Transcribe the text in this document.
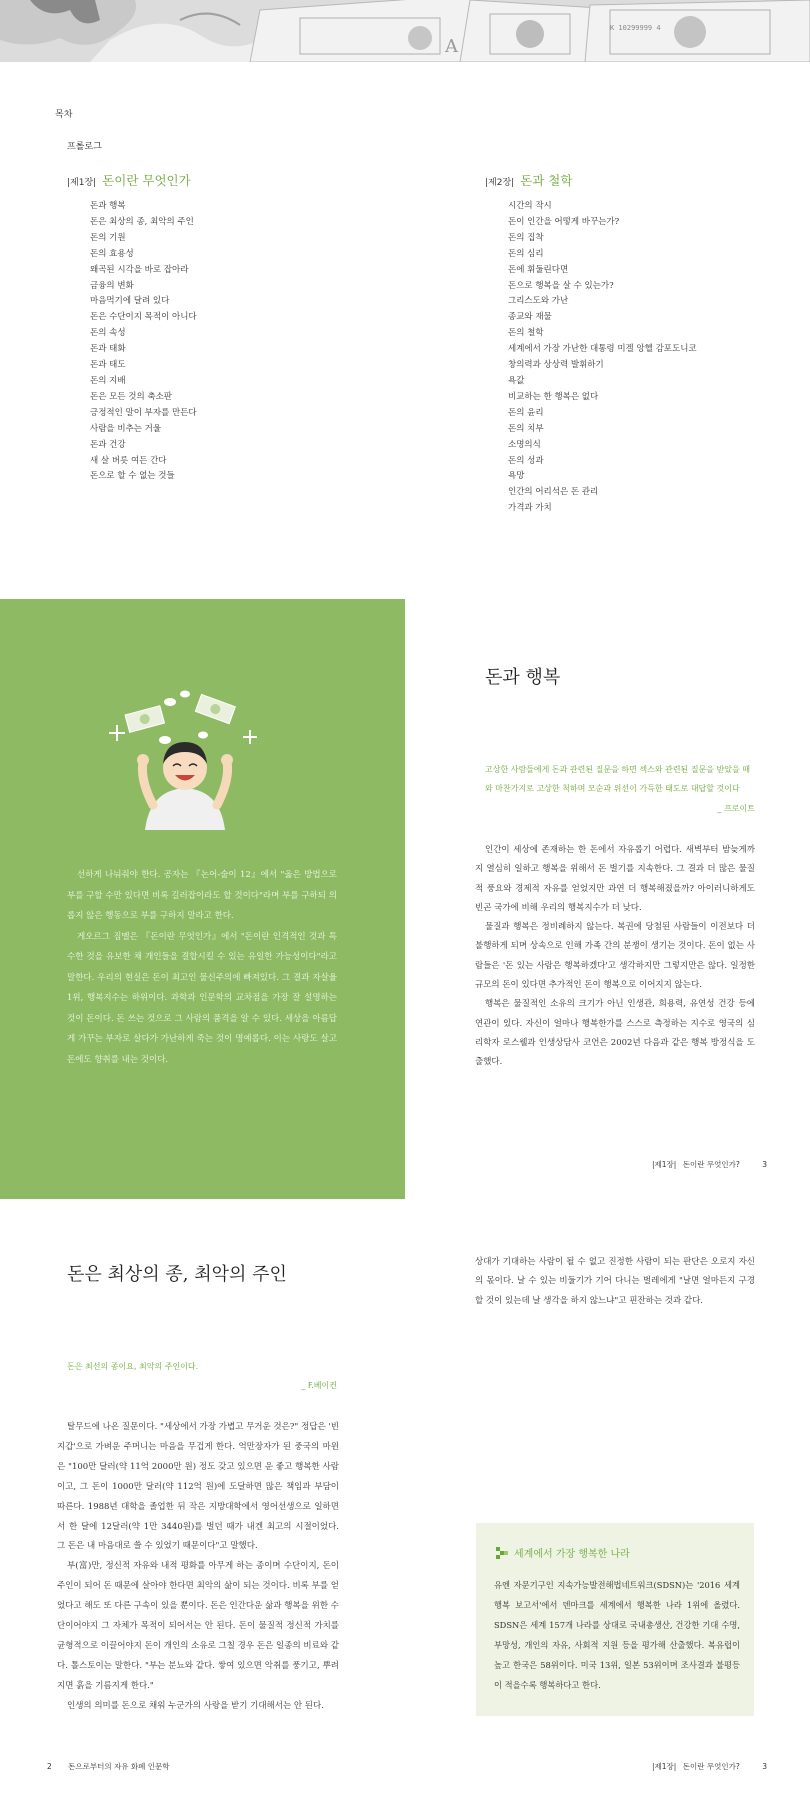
A
K 10299999 4
목차
프롤로그
|제1장| 돈이란 무엇인가
돈과 행복
돈은 최상의 종, 최악의 주인
돈의 기원
돈의 효용성
왜곡된 시각을 바로 잡아라
금융의 변화
마음먹기에 달려 있다
돈은 수단이지 목적이 아니다
돈의 속성
돈과 태화
돈과 태도
돈의 지배
돈은 모든 것의 축소판
긍정적인 말이 부자를 만든다
사람을 비추는 거울
돈과 건강
새 살 버릇 여든 간다
돈으로 할 수 없는 것들
|제2장| 돈과 철학
시간의 작시
돈이 인간을 어떻게 바꾸는가?
돈의 집착
돈의 심리
돈에 휘둘린다면
돈으로 행복을 살 수 있는가?
그리스도와 가난
종교와 재물
돈의 철학
세계에서 가장 가난한 대통령 미겔 앙헬 감포도니코
창의력과 상상력 발휘하기
욕값
비교하는 한 행복은 없다
돈의 윤리
돈의 치부
소명의식
돈의 성과
욕망
인간의 어리석은 돈 관리
가격과 가치

선하게 나눠줘야 한다. 공자는 『논어-술이 12』에서 "옳은 방법으로 부를 구할 수만 있다면 비록 길러잡이라도 할 것이다"라며 부를 구하되 의롭지 않은 행동으로 부를 구하지 말라고 한다.

게오르그 짐멜은 『돈이란 무엇인가』에서 "돈이란 인격적인 것과 특수한 것을 유보한 채 개인들을 결합시킬 수 있는 유일한 가능성이다"라고 말한다. 우리의 현실은 돈이 최고인 물신주의에 빠져있다. 그 결과 자살율 1위, 행복지수는 하위이다. 과학과 인문학의 교차점을 가장 잘 설명하는 것이 돈이다. 돈 쓰는 것으로 그 사람의 품격을 알 수 있다. 세상을 아름답게 가꾸는 부자로 살다가 가난하게 죽는 것이 명예롭다. 이는 사랑도 살고 돈에도 향취를 내는 것이다.

돈과 행복
고상한 사람들에게 돈과 관련된 질문을 하면 섹스와 관련된 질문을 받았을 때와 마찬가지로 고상한 척하며 모순과 위선이 가득한 태도로 대답할 것이다
_ 프로이트

인간이 세상에 존재하는 한 돈에서 자유롭기 어렵다. 새벽부터 밤늦게까지 열심히 일하고 행복을 위해서 돈 벌기를 지속한다. 그 결과 더 많은 물질적 풍요와 경제적 자유를 얻었지만 과연 더 행복해졌을까? 아이러니하게도 빈곤 국가에 비해 우리의 행복지수가 더 낮다.

물질과 행복은 정비례하지 않는다. 복권에 당첨된 사람들이 이전보다 더 불행하게 되며 상속으로 인해 가족 간의 분쟁이 생기는 것이다. 돈이 없는 사람들은 '돈 있는 사람은 행복하겠다'고 생각하지만 그렇지만은 않다. 일정한 규모의 돈이 있다면 추가적인 돈이 행복으로 이어지지 않는다.

행복은 물질적인 소유의 크기가 아닌 인생관, 희용력, 유연성 건강 등에 연관이 있다. 자신이 얼마나 행복한가를 스스로 측정하는 지수로 영국의 심리학자 로스웰과 인생상담사 코언은 2002년 다음과 같은 행복 방정식을 도출했다.

|제1장| 돈이란 무엇인가?	3
돈은 최상의 종, 최악의 주인
돈은 최선의 종이요, 최악의 주인이다.
_ F.베이컨

탈무드에 나온 질문이다. "세상에서 가장 가볍고 무거운 것은?" 정답은 '빈 지갑'으로 가벼운 주머니는 마음을 무겁게 한다. 억만장자가 된 중국의 마윈은 "100만 달러(약 11억 2000만 원) 정도 갖고 있으면 운 좋고 행복한 사람이고, 그 돈이 1000만 달러(약 112억 원)에 도달하면 많은 책임과 부담이 따른다. 1988년 대학을 졸업한 뒤 작은 지방대학에서 영어선생으로 일하면서 한 달에 12달러(약 1만 3440원)를 벌던 때가 내겐 최고의 시절이었다. 그 돈은 내 마음대로 쓸 수 있었기 때문이다"고 말했다.

부(富)만, 정신적 자유와 내적 평화를 아무게 하는 종이며 수단이지, 돈이 주인이 되어 돈 때문에 살아야 한다면 최악의 삶이 되는 것이다. 비록 부를 얻었다고 해도 또 다른 구속이 있을 뿐이다. 돈은 인간다운 삶과 행복을 위한 수단이어야지 그 자체가 목적이 되어서는 안 된다. 돈이 물질적 정신적 가치를 균형적으로 이끌어야지 돈이 개인의 소유로 그칠 경우 돈은 일종의 비료와 같다. 톨스토이는 말한다. "부는 분뇨와 같다. 쌓여 있으면 악취를 풍기고, 뿌려지면 흙을 기름지게 한다."

인생의 의미를 돈으로 채워 누군가의 사랑을 받기 기대해서는 안 된다.

상대가 기대하는 사람이 될 수 없고 진정한 사람이 되는 판단은 오로지 자신의 몫이다. 날 수 있는 비둘기가 기어 다니는 벌레에게 "날면 얼마든지 구경할 것이 있는데 날 생각을 하지 않느냐"고 핀잔하는 것과 같다.

세계에서 가장 행복한 나라
유엔 자문기구인 지속가능발전해법네트워크(SDSN)는 '2016 세계 행복 보고서'에서 덴마크를 세계에서 행복한 나라 1위에 올렸다. SDSN은 세계 157개 나라를 상대로 국내총생산, 건강한 기대 수명, 부망성, 개인의 자유, 사회적 지원 등을 평가해 산출했다. 복유럽이 높고 한국은 58위이다. 미국 13위, 일본 53위이며 조사결과 불평등이 적을수록 행복하다고 한다.
2 돈으로부터의 자유 화폐 인문학	|제1장| 돈이란 무엇인가?	3
